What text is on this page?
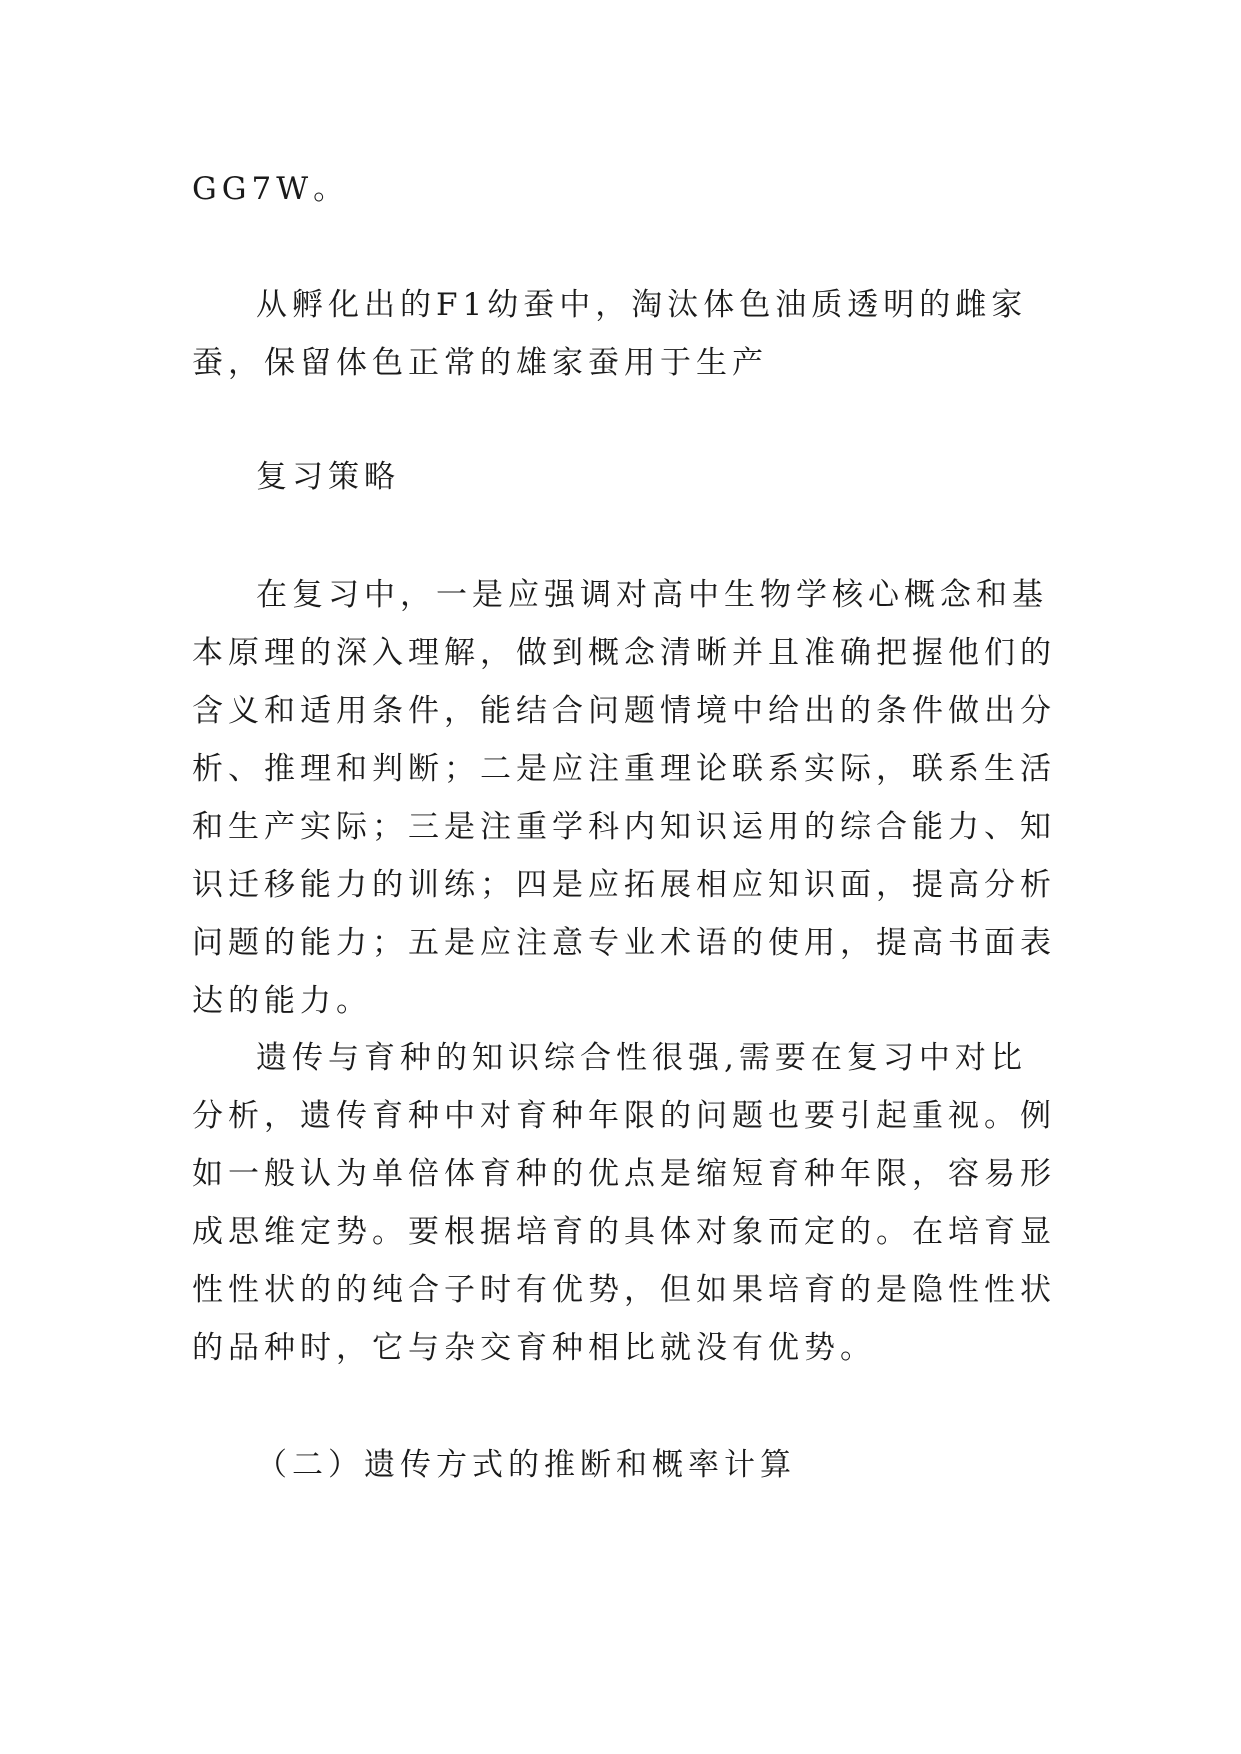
GG7W。

从孵化出的F1幼蚕中，淘汰体色油质透明的雌家蚕，保留体色正常的雄家蚕用于生产

复习策略

在复习中，一是应强调对高中生物学核心概念和基本原理的深入理解，做到概念清晰并且准确把握他们的含义和适用条件，能结合问题情境中给出的条件做出分析、推理和判断；二是应注重理论联系实际，联系生活和生产实际；三是注重学科内知识运用的综合能力、知识迁移能力的训练；四是应拓展相应知识面，提高分析问题的能力；五是应注意专业术语的使用，提高书面表达的能力。

遗传与育种的知识综合性很强,需要在复习中对比分析，遗传育种中对育种年限的问题也要引起重视。例如一般认为单倍体育种的优点是缩短育种年限，容易形成思维定势。要根据培育的具体对象而定的。在培育显性性状的的纯合子时有优势，但如果培育的是隐性性状的品种时，它与杂交育种相比就没有优势。

（二）遗传方式的推断和概率计算
